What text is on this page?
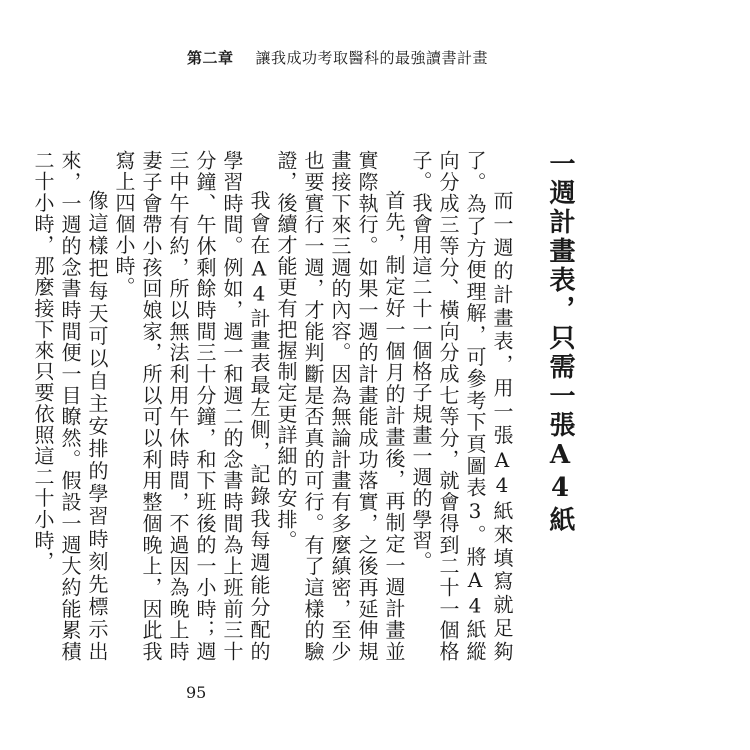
第二章 讓我成功考取醫科的最強讀書計畫
一週計畫表，只需一張A4紙

而一週的計畫表，用一張A4紙來填寫就足夠了。為了方便理解，可參考下頁圖表3。將A4紙縱向分成三等分、橫向分成七等分，就會得到二十一個格子。我會用這二十一個格子規畫一週的學習。

首先，制定好一個月的計畫後，再制定一週計畫並實際執行。如果一週的計畫能成功落實，之後再延伸規畫接下來三週的內容。因為無論計畫有多麼縝密，至少也要實行一週，才能判斷是否真的可行。有了這樣的驗證，後續才能更有把握制定更詳細的安排。

我會在A4計畫表最左側，記錄我每週能分配的學習時間。例如，週一和週二的念書時間為上班前三十分鐘、午休剩餘時間三十分鐘，和下班後的一小時；週三中午有約，所以無法利用午休時間，不過因為晚上時妻子會帶小孩回娘家，所以可以利用整個晚上，因此我寫上四個小時。

像這樣把每天可以自主安排的學習時刻先標示出來，一週的念書時間便一目瞭然。假設一週大約能累積二十小時，那麼接下來只要依照這二十小時，

95
